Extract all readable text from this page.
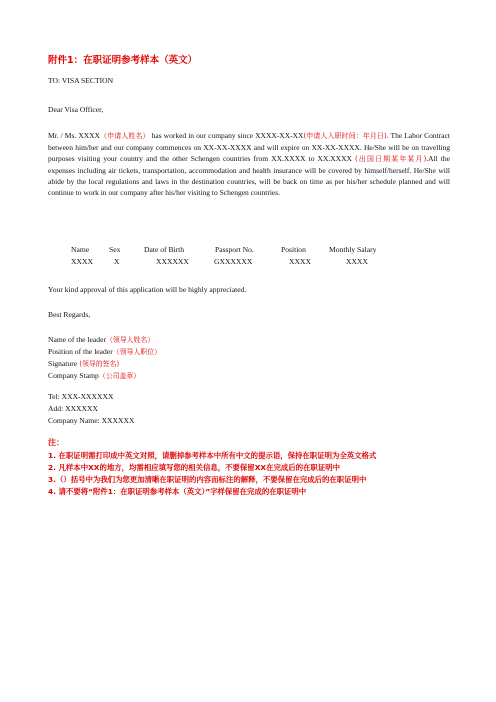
附件1：在职证明参考样本（英文）
TO: VISA SECTION
Dear Visa Officer,
Mr. / Ms. XXXX（申请人姓名） has worked in our company since XXXX-XX-XX(申请人入职时间：年月日). The Labor Contract between him/her and our company commences on XX-XX-XXXX and will expire on XX-XX-XXXX. He/She will be on travelling purposes visiting your country and the other Schengen countries from XX.XXXX to XX.XXXX (出国日期某年某月).All the expenses including air tickets, transportation, accommodation and health insurance will be covered by himself/herself. He/She will abide by the local regulations and laws in the destination countries, will be back on time as per his/her schedule planned and will continue to work in our company after his/her visiting to Schengen countries.
Name	Sex	Date of Birth	Passport No.	Position	Monthly Salary
XXXX	X	XXXXXX	GXXXXXX	XXXX	XXXX
Your kind approval of this application will be highly appreciated.
Best Regards,
Name of the leader（领导人姓名）
Position of the leader（领导人职位）
Signature (领导的签名)
Company Stamp（公司盖章）
Tel: XXX-XXXXXX
Add: XXXXXX
Company Name: XXXXXX
注：
1. 在职证明需打印成中英文对照，请删掉参考样本中所有中文的提示语，保持在职证明为全英文格式
2. 凡样本中XX的地方，均需相应填写您的相关信息，不要保留XX在完成后的在职证明中
3.（）括号中为我们为您更加清晰在职证明的内容而标注的解释，不要保留在完成后的在职证明中
4. 请不要将“附件1：在职证明参考样本（英文）”字样保留在完成的在职证明中
